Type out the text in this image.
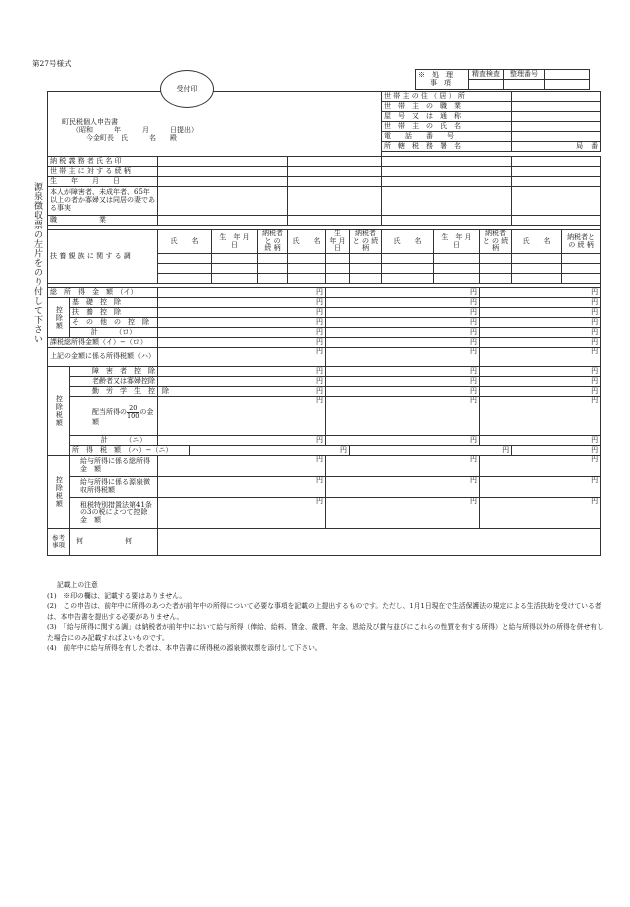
第27号様式
受付印
※　処　理
事　項	精査検査	整理番号	

源泉徴収票の左片をのり付して下さい
町民税個人申告書
（昭和　　　年　　　月　　　日提出）
今金町長　氏　　　名　　殿									世 帯 主 の 住 （ 居 ） 所				
									世　帯　主　の　職　業				
									屋　号　又　は　通　称				
									世　帯　主　の　氏　名				
									電　　話　　番　　号				
									所　轄　税　務　署　名			局 番	

納 税 義 務 者 氏 名 印													
世 帯 主 に 対 す る 続 柄													
生　　年　　月　　日													
本人が障害者、未成年者、65年以上の者か寡婦又は同居の妻である事実													
職　　　　　　業													

扶 養 親 族 に 関 す る 調		氏　　名		生　年 月　日	納税者と の 続 柄	氏　　名	生　年 月　日	納税者と の 続 柄	氏　　名	生　年 月　日	納税者と の 続 柄	氏　　名	納税者と の 続 柄

総　所　得　金　額　（イ）		円					円				円		
控除額	基　礎　控　除	円					円				円		
	扶　養　控　除	円					円				円		
	そ　の　他　の　控　除	円					円				円		
	計　　　（ロ）	円					円				円		
課税総所得金額（イ）−（ロ）		円					円				円		
上記の金額に係る所得税額（ハ）		円					円				円		
控除税額	障　害　者　控　除	円					円				円		
	老齢者又は寡婦控除	円					円				円		
	勤　労　学　生　控　除	円					円				円		
	配当所得の $\frac{20}{100}$ の金額	円					円				円		
	計　　　（ニ）	円					円				円		
	所　得　税　額　（ハ）−（ニ）		円					円				円	
控除税額	給与所得に係る総所得　金　額	円					円				円		
	給与所得に係る源泉徴収所得税額	円					円				円		
	租税特別措置法第41条の3の税によつて控除　金　額	円					円				円		
参考事項	何　　　　　　何												
記載上の注意
(1)　※印の欄は、記載する要はありません。
(2)　この申告は、前年中に所得のあつた者が前年中の所得について必要な事項を記載の上提出するものです。ただし、1月1日現在で生活保護法の規定による生活扶助を受けている者は、本申告書を提出する必要がありません。
(3)　「給与所得に関する調」は納税者が前年中において給与所得（俸給、給料、賃金、歳費、年金、恩給及び賞与並びにこれらの性質を有する所得）と給与所得以外の所得を併せ有した場合にのみ記載すればよいものです。
(4)　前年中に給与所得を有した者は、本申告書に所得税の源泉徴収票を添付して下さい。
